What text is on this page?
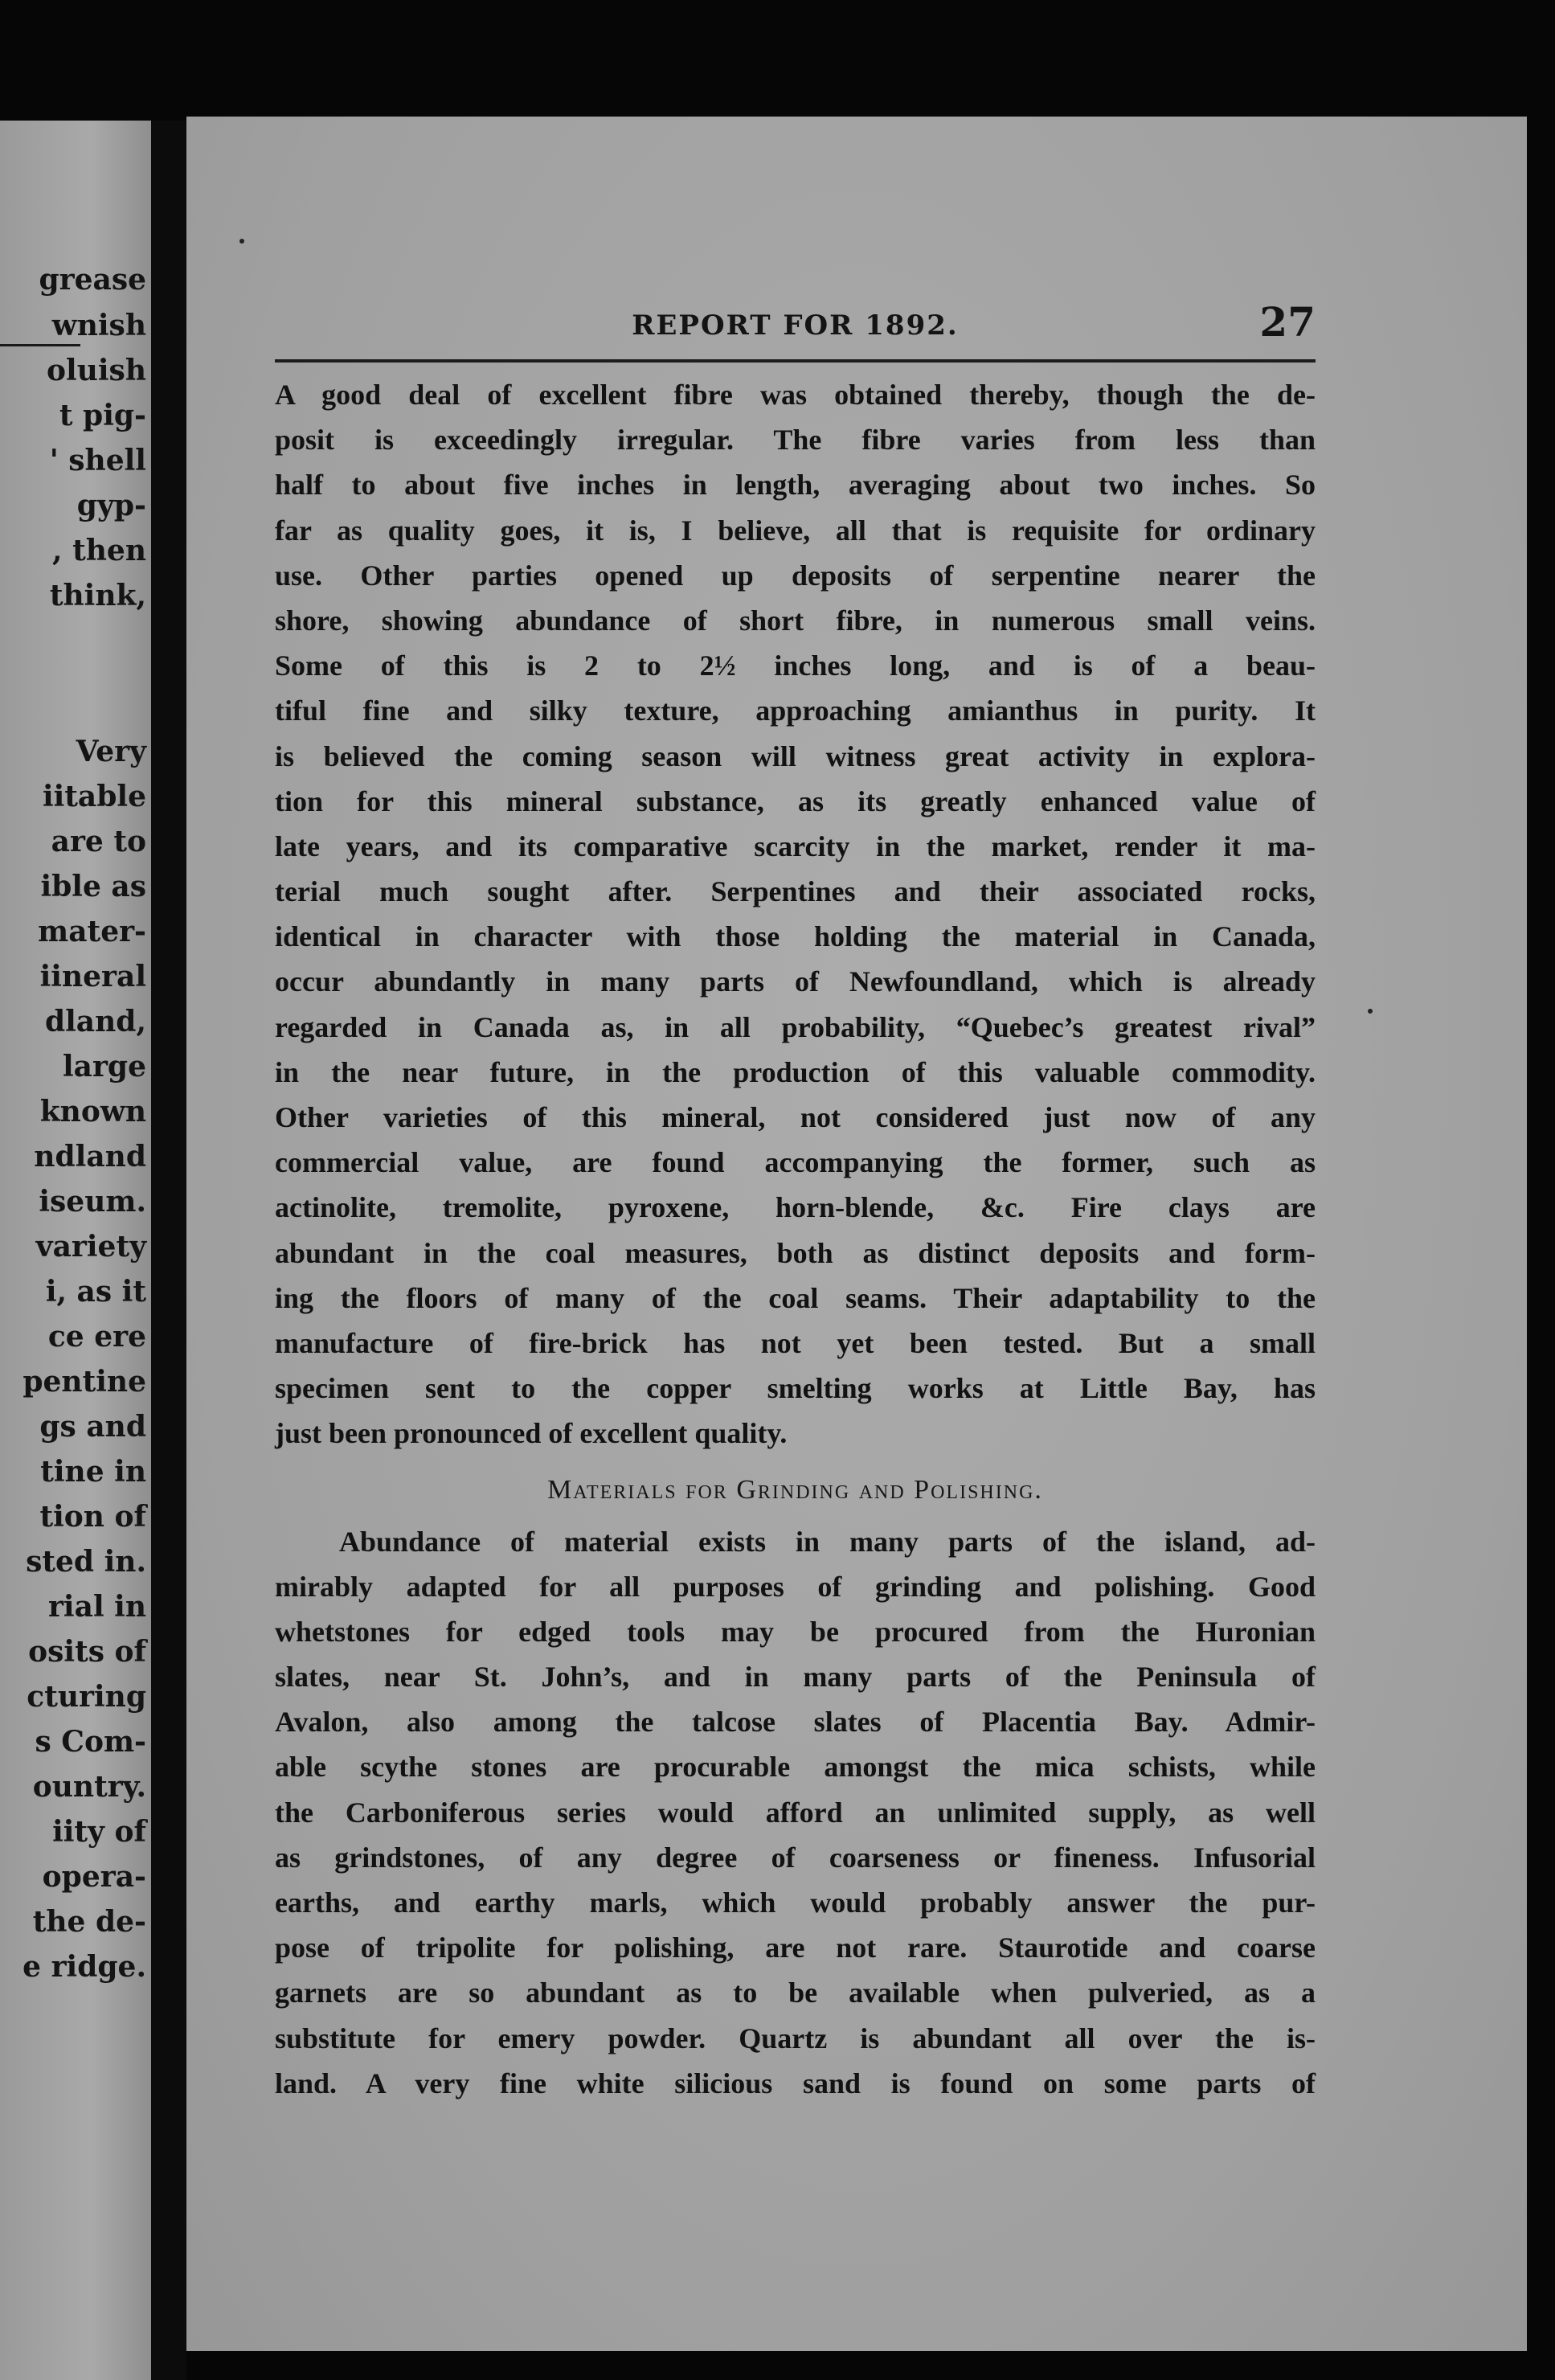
grease
wnish
oluish
t pig-
' shell
gyp-
, then
think,
Very
iitable
are to
ible as
mater-
iineral
dland,
large
known
ndland
iseum.
variety
i, as it
ce ere
pentine
gs and
tine in
tion of
sted in.
rial in
osits of
cturing
s Com-
ountry.
iity of
opera-
the de-
e ridge.
REPORT FOR 1892.	27
A good deal of excellent fibre was obtained thereby, though the de-
posit is exceedingly irregular. The fibre varies from less than
half to about five inches in length, averaging about two inches. So
far as quality goes, it is, I believe, all that is requisite for ordinary
use. Other parties opened up deposits of serpentine nearer the
shore, showing abundance of short fibre, in numerous small veins.
Some of this is 2 to 2½ inches long, and is of a beau-
tiful fine and silky texture, approaching amianthus in purity. It
is believed the coming season will witness great activity in explora-
tion for this mineral substance, as its greatly enhanced value of
late years, and its comparative scarcity in the market, render it ma-
terial much sought after. Serpentines and their associated rocks,
identical in character with those holding the material in Canada,
occur abundantly in many parts of Newfoundland, which is already
regarded in Canada as, in all probability, “Quebec’s greatest rival”
in the near future, in the production of this valuable commodity.
Other varieties of this mineral, not considered just now of any
commercial value, are found accompanying the former, such as
actinolite, tremolite, pyroxene, horn-blende, &c. Fire clays are
abundant in the coal measures, both as distinct deposits and form-
ing the floors of many of the coal seams. Their adaptability to the
manufacture of fire-brick has not yet been tested. But a small
specimen sent to the copper smelting works at Little Bay, has
just been pronounced of excellent quality.
Materials for Grinding and Polishing.
Abundance of material exists in many parts of the island, ad-
mirably adapted for all purposes of grinding and polishing. Good
whetstones for edged tools may be procured from the Huronian
slates, near St. John’s, and in many parts of the Peninsula of
Avalon, also among the talcose slates of Placentia Bay. Admir-
able scythe stones are procurable amongst the mica schists, while
the Carboniferous series would afford an unlimited supply, as well
as grindstones, of any degree of coarseness or fineness. Infusorial
earths, and earthy marls, which would probably answer the pur-
pose of tripolite for polishing, are not rare. Staurotide and coarse
garnets are so abundant as to be available when pulveried, as a
substitute for emery powder. Quartz is abundant all over the is-
land. A very fine white silicious sand is found on some parts of
